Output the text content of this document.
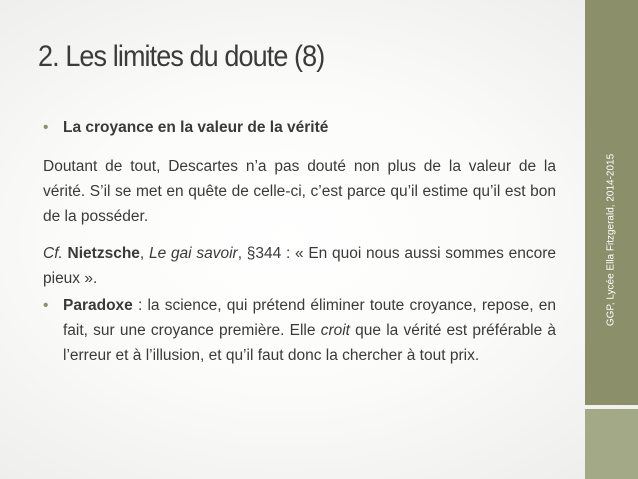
GGP, Lycée Ella Fitzgerald, 2014-2015
2. Les limites du doute (8)
• La croyance en la valeur de la vérité
Doutant de tout, Descartes n’a pas douté non plus de la valeur de la vérité. S’il se met en quête de celle-ci, c’est parce qu’il estime qu’il est bon de la posséder.
Cf. Nietzsche, Le gai savoir, §344 : « En quoi nous aussi sommes encore pieux ».
• Paradoxe : la science, qui prétend éliminer toute croyance, repose, en fait, sur une croyance première. Elle croit que la vérité est préférable à l’erreur et à l’illusion, et qu’il faut donc la chercher à tout prix.
